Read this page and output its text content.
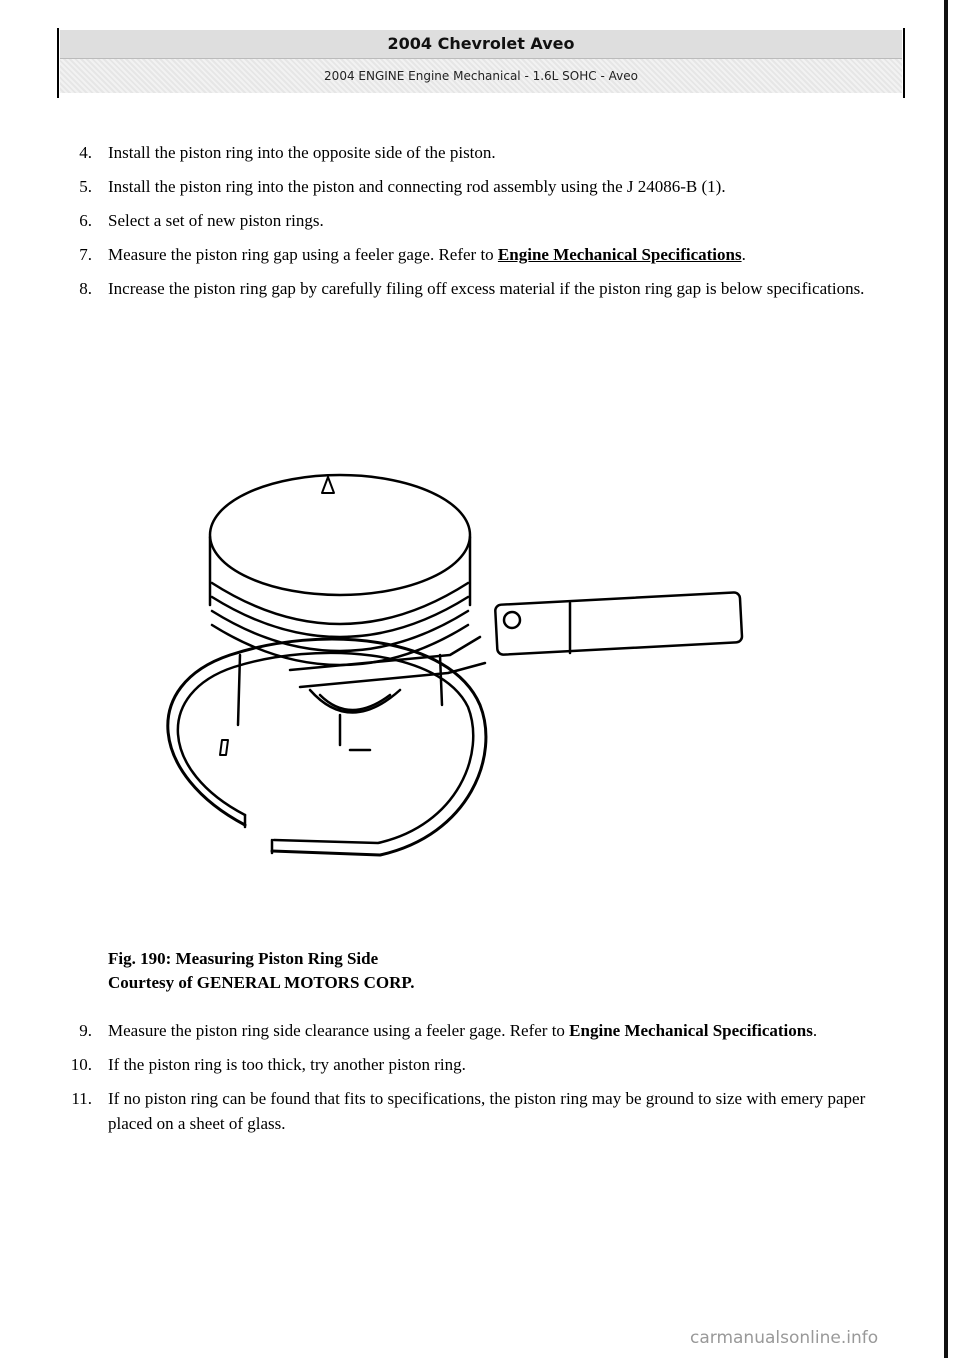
2004 Chevrolet Aveo
2004 ENGINE Engine Mechanical - 1.6L SOHC - Aveo
4. Install the piston ring into the opposite side of the piston.
5. Install the piston ring into the piston and connecting rod assembly using the J 24086-B (1).
6. Select a set of new piston rings.
7. Measure the piston ring gap using a feeler gage. Refer to Engine Mechanical Specifications.
8. Increase the piston ring gap by carefully filing off excess material if the piston ring gap is below specifications.
Fig. 190: Measuring Piston Ring Side
Courtesy of GENERAL MOTORS CORP.
9. Measure the piston ring side clearance using a feeler gage. Refer to Engine Mechanical Specifications.
10. If the piston ring is too thick, try another piston ring.
11. If no piston ring can be found that fits to specifications, the piston ring may be ground to size with emery paper placed on a sheet of glass.
carmanualsonline.info
